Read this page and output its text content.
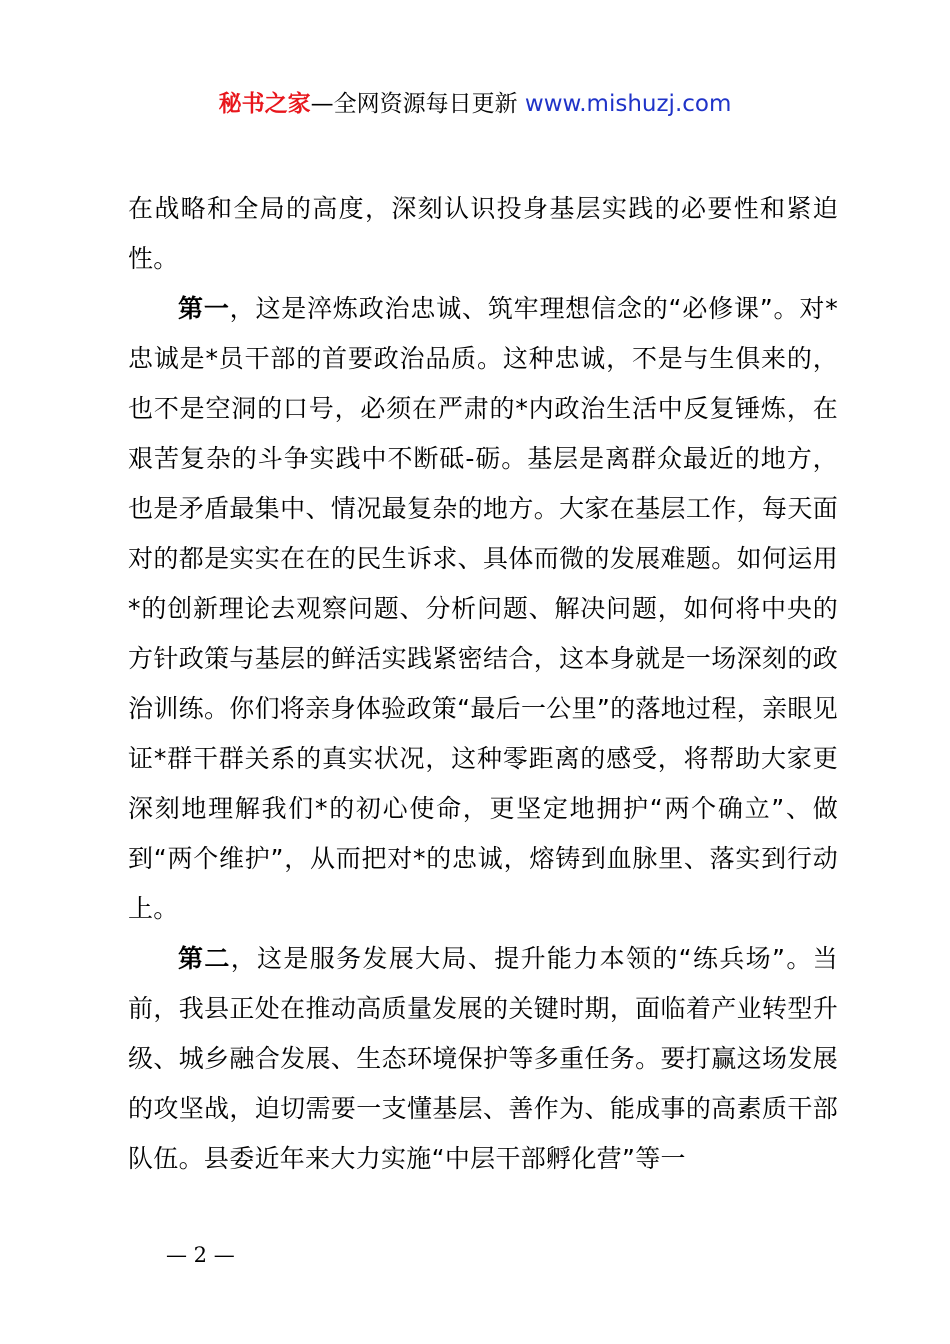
秘书之家—全网资源每日更新 www.mishuzj.com

在战略和全局的高度，深刻认识投身基层实践的必要性和紧迫性。

第一，这是淬炼政治忠诚、筑牢理想信念的“必修课”。对*忠诚是*员干部的首要政治品质。这种忠诚，不是与生俱来的，也不是空洞的口号，必须在严肃的*内政治生活中反复锤炼，在艰苦复杂的斗争实践中不断砥-砺。基层是离群众最近的地方，也是矛盾最集中、情况最复杂的地方。大家在基层工作，每天面对的都是实实在在的民生诉求、具体而微的发展难题。如何运用*的创新理论去观察问题、分析问题、解决问题，如何将中央的方针政策与基层的鲜活实践紧密结合，这本身就是一场深刻的政治训练。你们将亲身体验政策“最后一公里”的落地过程，亲眼见证*群干群关系的真实状况，这种零距离的感受，将帮助大家更深刻地理解我们*的初心使命，更坚定地拥护“两个确立”、做到“两个维护”，从而把对*的忠诚，熔铸到血脉里、落实到行动上。

第二，这是服务发展大局、提升能力本领的“练兵场”。当前，我县正处在推动高质量发展的关键时期，面临着产业转型升级、城乡融合发展、生态环境保护等多重任务。要打赢这场发展的攻坚战，迫切需要一支懂基层、善作为、能成事的高素质干部队伍。县委近年来大力实施“中层干部孵化营”等一

— 2 —
